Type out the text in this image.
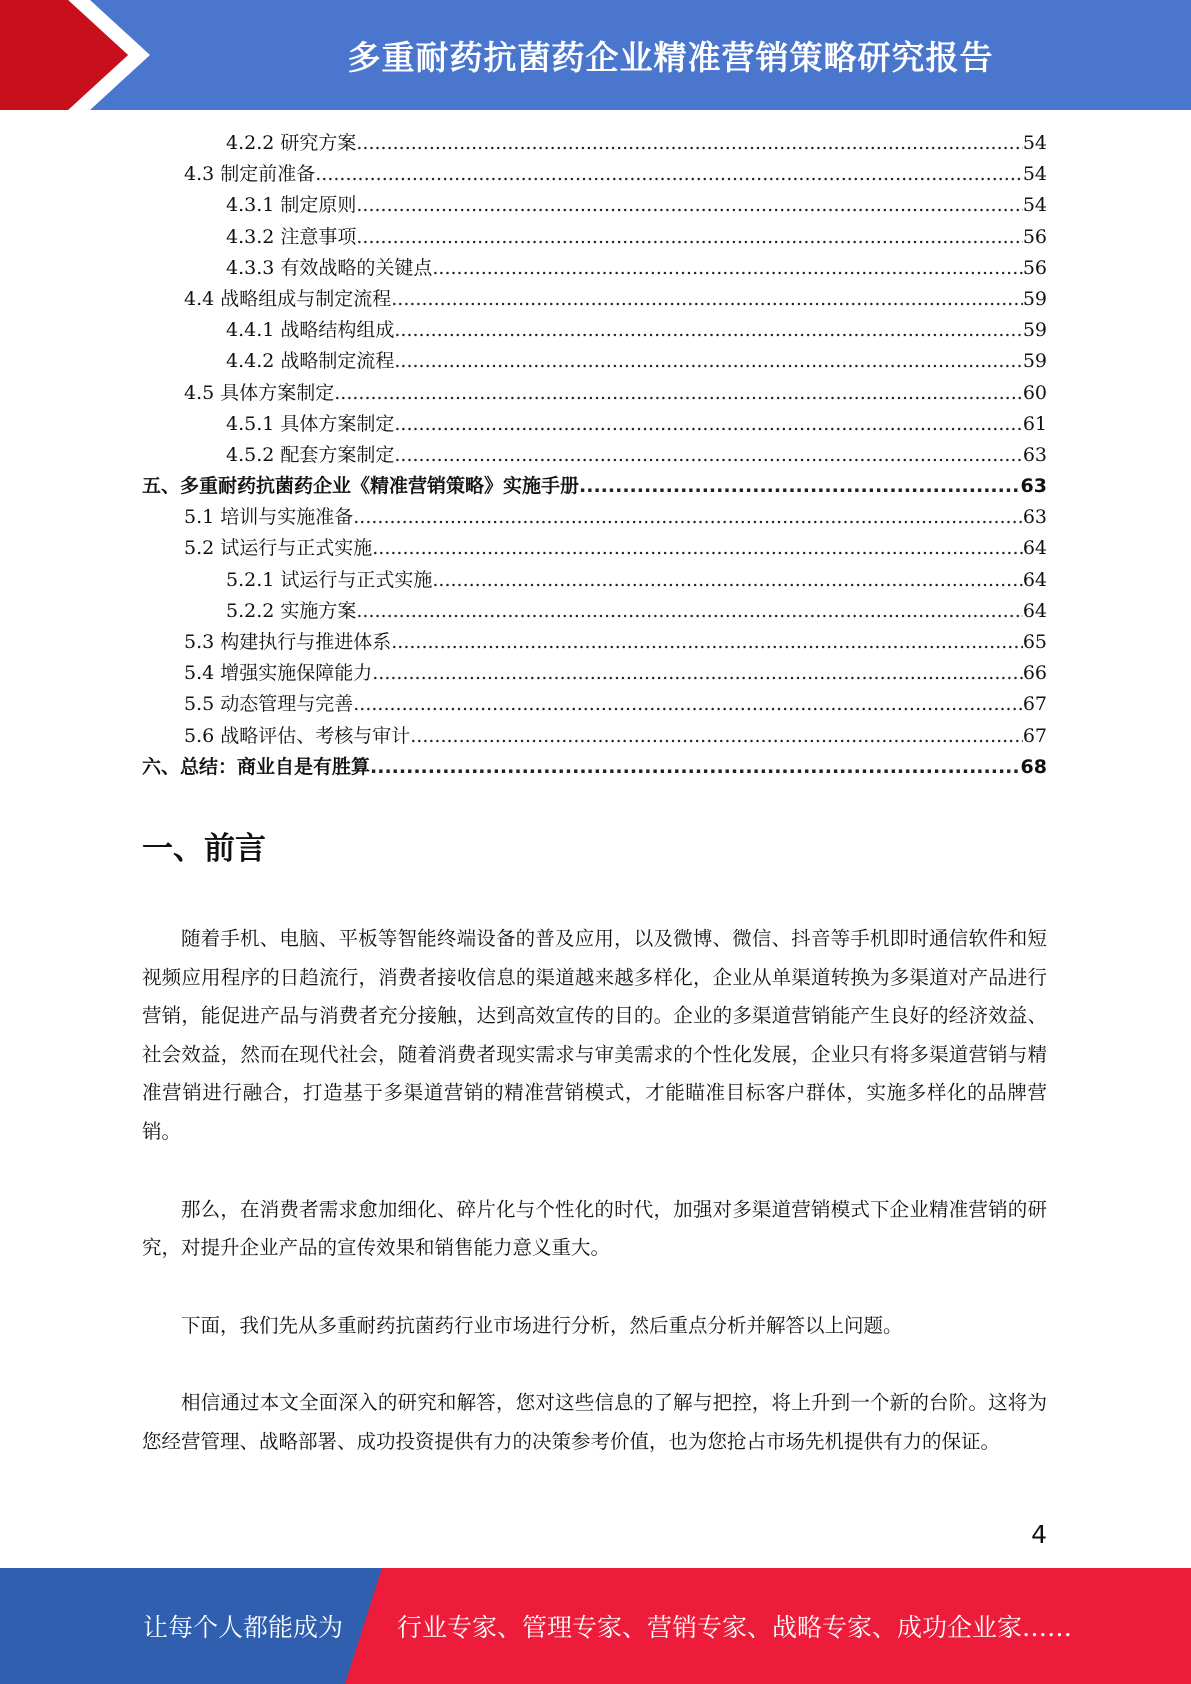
多重耐药抗菌药企业精准营销策略研究报告
4.2.2 研究方案 .....	54
4.3 制定前准备 .....	54
4.3.1 制定原则 .....	54
4.3.2 注意事项 .....	56
4.3.3 有效战略的关键点 .....	56
4.4 战略组成与制定流程 .....	59
4.4.1 战略结构组成 .....	59
4.4.2 战略制定流程 .....	59
4.5 具体方案制定 .....	60
4.5.1 具体方案制定 .....	61
4.5.2 配套方案制定 .....	63
五、多重耐药抗菌药企业《精准营销策略》实施手册 .....	63
5.1 培训与实施准备 .....	63
5.2 试运行与正式实施 .....	64
5.2.1 试运行与正式实施 .....	64
5.2.2 实施方案 .....	64
5.3 构建执行与推进体系 .....	65
5.4 增强实施保障能力 .....	66
5.5 动态管理与完善 .....	67
5.6 战略评估、考核与审计 .....	67
六、总结：商业自是有胜算 .....	68
一、前言

随着手机、电脑、平板等智能终端设备的普及应用，以及微博、微信、抖音等手机即时通信软件和短视频应用程序的日趋流行，消费者接收信息的渠道越来越多样化，企业从单渠道转换为多渠道对产品进行营销，能促进产品与消费者充分接触，达到高效宣传的目的。企业的多渠道营销能产生良好的经济效益、社会效益，然而在现代社会，随着消费者现实需求与审美需求的个性化发展，企业只有将多渠道营销与精准营销进行融合，打造基于多渠道营销的精准营销模式，才能瞄准目标客户群体，实施多样化的品牌营销。

那么，在消费者需求愈加细化、碎片化与个性化的时代，加强对多渠道营销模式下企业精准营销的研究，对提升企业产品的宣传效果和销售能力意义重大。

下面，我们先从多重耐药抗菌药行业市场进行分析，然后重点分析并解答以上问题。

相信通过本文全面深入的研究和解答，您对这些信息的了解与把控，将上升到一个新的台阶。这将为您经营管理、战略部署、成功投资提供有力的决策参考价值，也为您抢占市场先机提供有力的保证。

4
让每个人都能成为 行业专家、管理专家、营销专家、战略专家、成功企业家……
